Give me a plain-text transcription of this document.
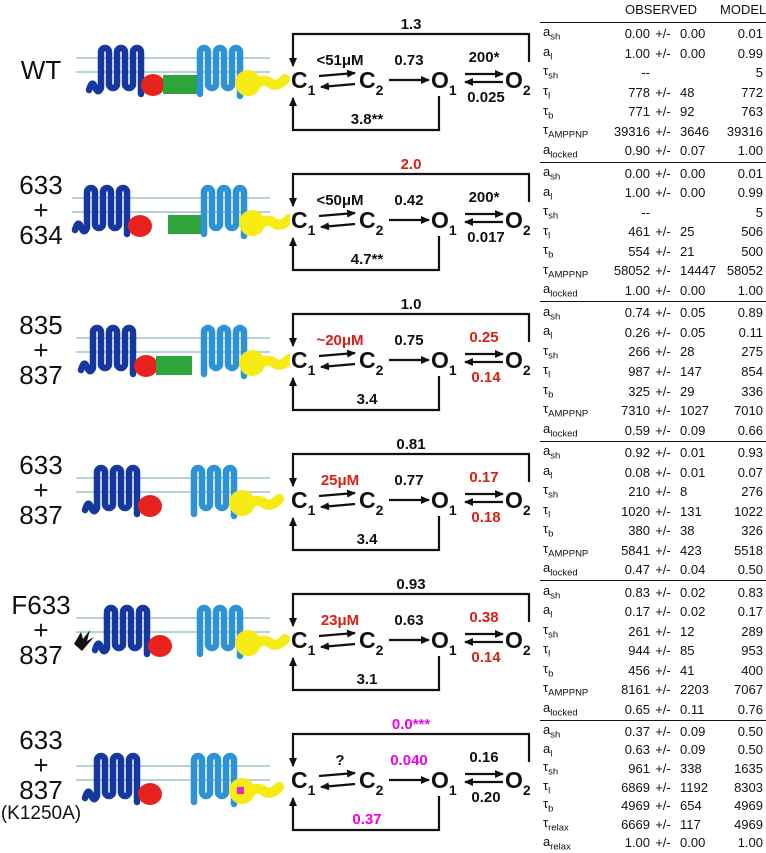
WT	$C_1$ $C_2$ $O_1$ $O_2$
1.3
<51μM 0.73	200*
0.025
3.8**
633
+
634	$C_1$ $C_2$ $O_1$ $O_2$
2.0
<50μM 0.42	200*
0.017
4.7**
835
+
837	$C_1$ $C_2$ $O_1$ $O_2$
1.0
~20μM 0.75	0.25
0.14
3.4
633
+
837	$C_1$ $C_2$ $O_1$ $O_2$
0.81
25μM 0.77	0.17
0.18
3.4
F633
+
837	$C_1$ $C_2$ $O_1$ $O_2$
0.93
23μM 0.63	0.38
0.14
3.1
633
+
837
(K1250A)
$C_1$ $C_2$ $O_1$ $O_2$
0.0***
?	0.040	0.16
0.20
0.37
OBSERVED	MODEL
$a_{sh}$	0.00 +/- 0.00	0.01
$a_l$	1.00 +/- 0.00	0.99
$\tau_{sh}$	--	5
$\tau_l$	778 +/- 48	772
$\tau_b$	771 +/- 92	763
$\tau_{AMPPNP}$	39316 +/- 3646	39316
$a_{locked}$	0.90 +/- 0.07	1.00
$a_{sh}$	0.00 +/- 0.00	0.01
$a_l$	1.00 +/- 0.00	0.99
$\tau_{sh}$	--	5
$\tau_l$	461 +/- 25	506
$\tau_b$	554 +/- 21	500
$\tau_{AMPPNP}$	58052 +/- 14447 58052
$a_{locked}$	1.00 +/- 0.00	1.00
$a_{sh}$	0.74 +/- 0.05	0.89
$a_l$	0.26 +/- 0.05	0.11
$\tau_{sh}$	266 +/- 28	275
$\tau_l$	987 +/- 147	854
$\tau_b$	325 +/- 29	336
$\tau_{AMPPNP}$	7310 +/- 1027	7010
$a_{locked}$	0.59 +/- 0.09	0.66
$a_{sh}$	0.92 +/- 0.01	0.93
$a_l$	0.08 +/- 0.01	0.07
$\tau_{sh}$	210 +/- 8	276
$\tau_l$	1020 +/- 131	1022
$\tau_b$	380 +/- 38	326
$\tau_{AMPPNP}$	5841 +/- 423	5518
$a_{locked}$	0.47 +/- 0.04	0.50
$a_{sh}$	0.83 +/- 0.02	0.83
$a_l$	0.17 +/- 0.02	0.17
$\tau_{sh}$	261 +/- 12	289
$\tau_l$	944 +/- 85	953
$\tau_b$	456 +/- 41	400
$\tau_{AMPPNP}$	8161 +/- 2203	7067
$a_{locked}$	0.65 +/- 0.11	0.76
$a_{sh}$	0.37 +/- 0.09	0.50
$a_l$	0.63 +/- 0.09	0.50
$\tau_{sh}$	961 +/- 338	1635
$\tau_l$	6869 +/- 1192	8303
$\tau_b$	4969 +/- 654	4969
$\tau_{relax}$	6669 +/- 117	4969
$a_{relax}$	1.00 +/- 0.00	1.00
